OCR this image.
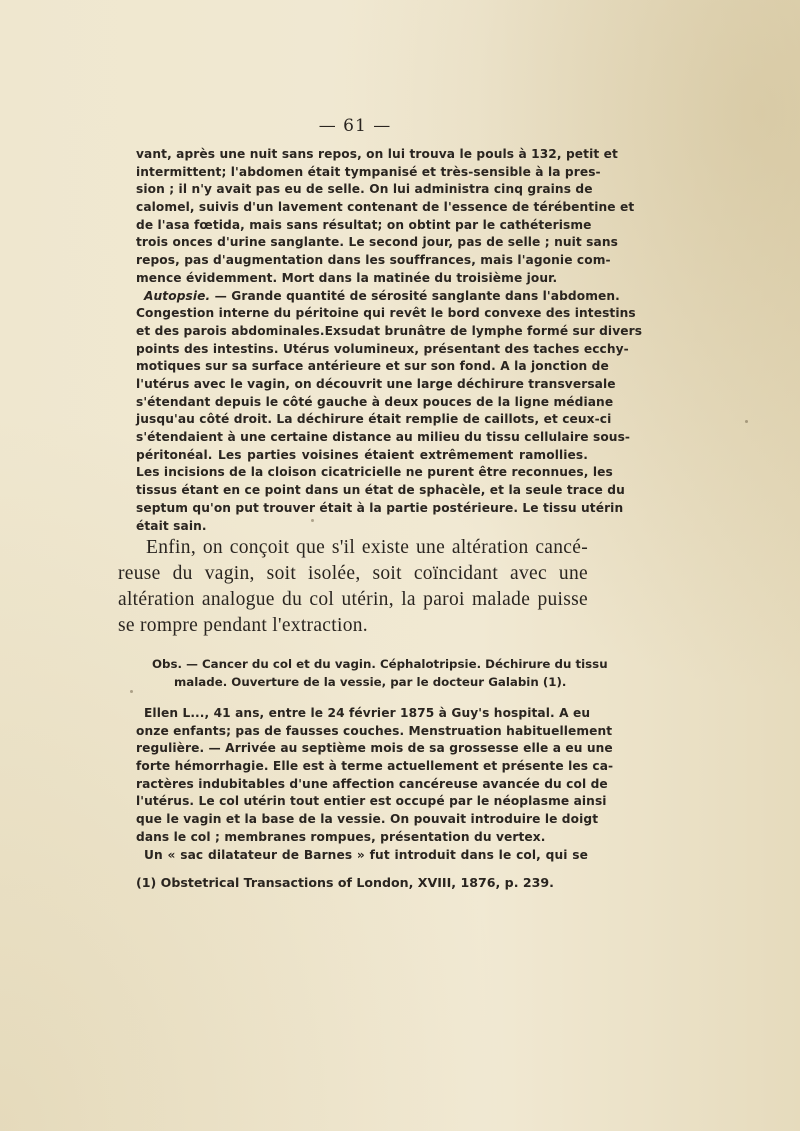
— 61 —
vant, après une nuit sans repos, on lui trouva le pouls à 132, petit et
intermittent; l'abdomen était tympanisé et très-sensible à la pres-
sion ; il n'y avait pas eu de selle. On lui administra cinq grains de
calomel, suivis d'un lavement contenant de l'essence de térébentine et
de l'asa fœtida, mais sans résultat; on obtint par le cathéterisme
trois onces d'urine sanglante. Le second jour, pas de selle ; nuit sans
repos, pas d'augmentation dans les souffrances, mais l'agonie com-
mence évidemment. Mort dans la matinée du troisième jour.
Autopsie. — Grande quantité de sérosité sanglante dans l'abdomen.
Congestion interne du péritoine qui revêt le bord convexe des intestins
et des parois abdominales.Exsudat brunâtre de lymphe formé sur divers
points des intestins. Utérus volumineux, présentant des taches ecchy-
motiques sur sa surface antérieure et sur son fond. A la jonction de
l'utérus avec le vagin, on découvrit une large déchirure transversale
s'étendant depuis le côté gauche à deux pouces de la ligne médiane
jusqu'au côté droit. La déchirure était remplie de caillots, et ceux-ci
s'étendaient à une certaine distance au milieu du tissu cellulaire sous-
péritonéal. Les parties voisines étaient extrêmement ramollies.
Les incisions de la cloison cicatricielle ne purent être reconnues, les
tissus étant en ce point dans un état de sphacèle, et la seule trace du
septum qu'on put trouver était à la partie postérieure. Le tissu utérin
était sain.
Enfin, on conçoit que s'il existe une altération cancé-
reuse du vagin, soit isolée, soit coïncidant avec une
altération analogue du col utérin, la paroi malade puisse
se rompre pendant l'extraction.
Obs. — Cancer du col et du vagin. Céphalotripsie. Déchirure du tissu
malade. Ouverture de la vessie, par le docteur Galabin (1).
Ellen L..., 41 ans, entre le 24 février 1875 à Guy's hospital. A eu
onze enfants; pas de fausses couches. Menstruation habituellement
regulière. — Arrivée au septième mois de sa grossesse elle a eu une
forte hémorrhagie. Elle est à terme actuellement et présente les ca-
ractères indubitables d'une affection cancéreuse avancée du col de
l'utérus. Le col utérin tout entier est occupé par le néoplasme ainsi
que le vagin et la base de la vessie. On pouvait introduire le doigt
dans le col ; membranes rompues, présentation du vertex.
Un « sac dilatateur de Barnes » fut introduit dans le col, qui se
(1) Obstetrical Transactions of London, XVIII, 1876, p. 239.
